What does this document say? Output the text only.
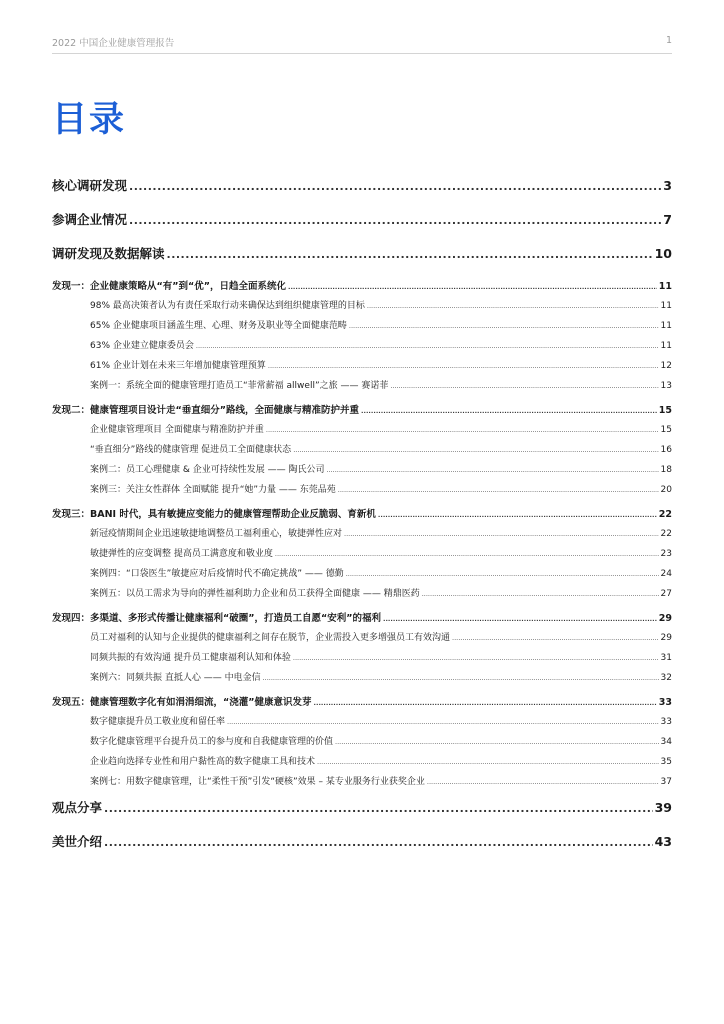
2022 中国企业健康管理报告	1
目录
核心调研发现 .....	3
参调企业情况 .....	7
调研发现及数据解读 .....	10
发现一：企业健康策略从“有”到“优”，日趋全面系统化 .....	11
98% 最高决策者认为有责任采取行动来确保达到组织健康管理的目标 .....	11
65% 企业健康项目涵盖生理、心理、财务及职业等全面健康范畴 .....	11
63% 企业建立健康委员会 .....	11
61% 企业计划在未来三年增加健康管理预算 .....	12
案例一：系统全面的健康管理打造员工“菲常薪福 allwell”之旅 —— 赛诺菲 .....	13
发现二：健康管理项目设计走“垂直细分”路线，全面健康与精准防护并重 .....	15
企业健康管理项目 全面健康与精准防护并重 .....	15
“垂直细分”路线的健康管理 促进员工全面健康状态 .....	16
案例二：员工心理健康 & 企业可持续性发展 —— 陶氏公司 .....	18
案例三：关注女性群体 全面赋能 提升“她”力量 —— 东莞品苑 .....	20
发现三：BANI 时代，具有敏捷应变能力的健康管理帮助企业反脆弱、育新机 .....	22
新冠疫情期间企业迅速敏捷地调整员工福利重心，敏捷弹性应对 .....	22
敏捷弹性的应变调整 提高员工满意度和敬业度 .....	23
案例四：“口袋医生”敏捷应对后疫情时代不确定挑战” —— 德勤 .....	24
案例五：以员工需求为导向的弹性福利助力企业和员工获得全面健康 —— 精鼎医药 .....	27
发现四：多渠道、多形式传播让健康福利“破圈”，打造员工自愿“安利”的福利 .....	29
员工对福利的认知与企业提供的健康福利之间存在脱节，企业需投入更多增强员工有效沟通 .....	29
同频共振的有效沟通 提升员工健康福利认知和体验 .....	31
案例六：同频共振 直抵人心 —— 中电金信 .....	32
发现五：健康管理数字化有如涓涓细流，“浇灌”健康意识发芽 .....	33
数字健康提升员工敬业度和留任率 .....	33
数字化健康管理平台提升员工的参与度和自我健康管理的价值 .....	34
企业趋向选择专业性和用户黏性高的数字健康工具和技术 .....	35
案例七：用数字健康管理，让“柔性干预”引发“硬核”效果 – 某专业服务行业获奖企业 .....	37
观点分享 .....	39
美世介绍 .....	43
